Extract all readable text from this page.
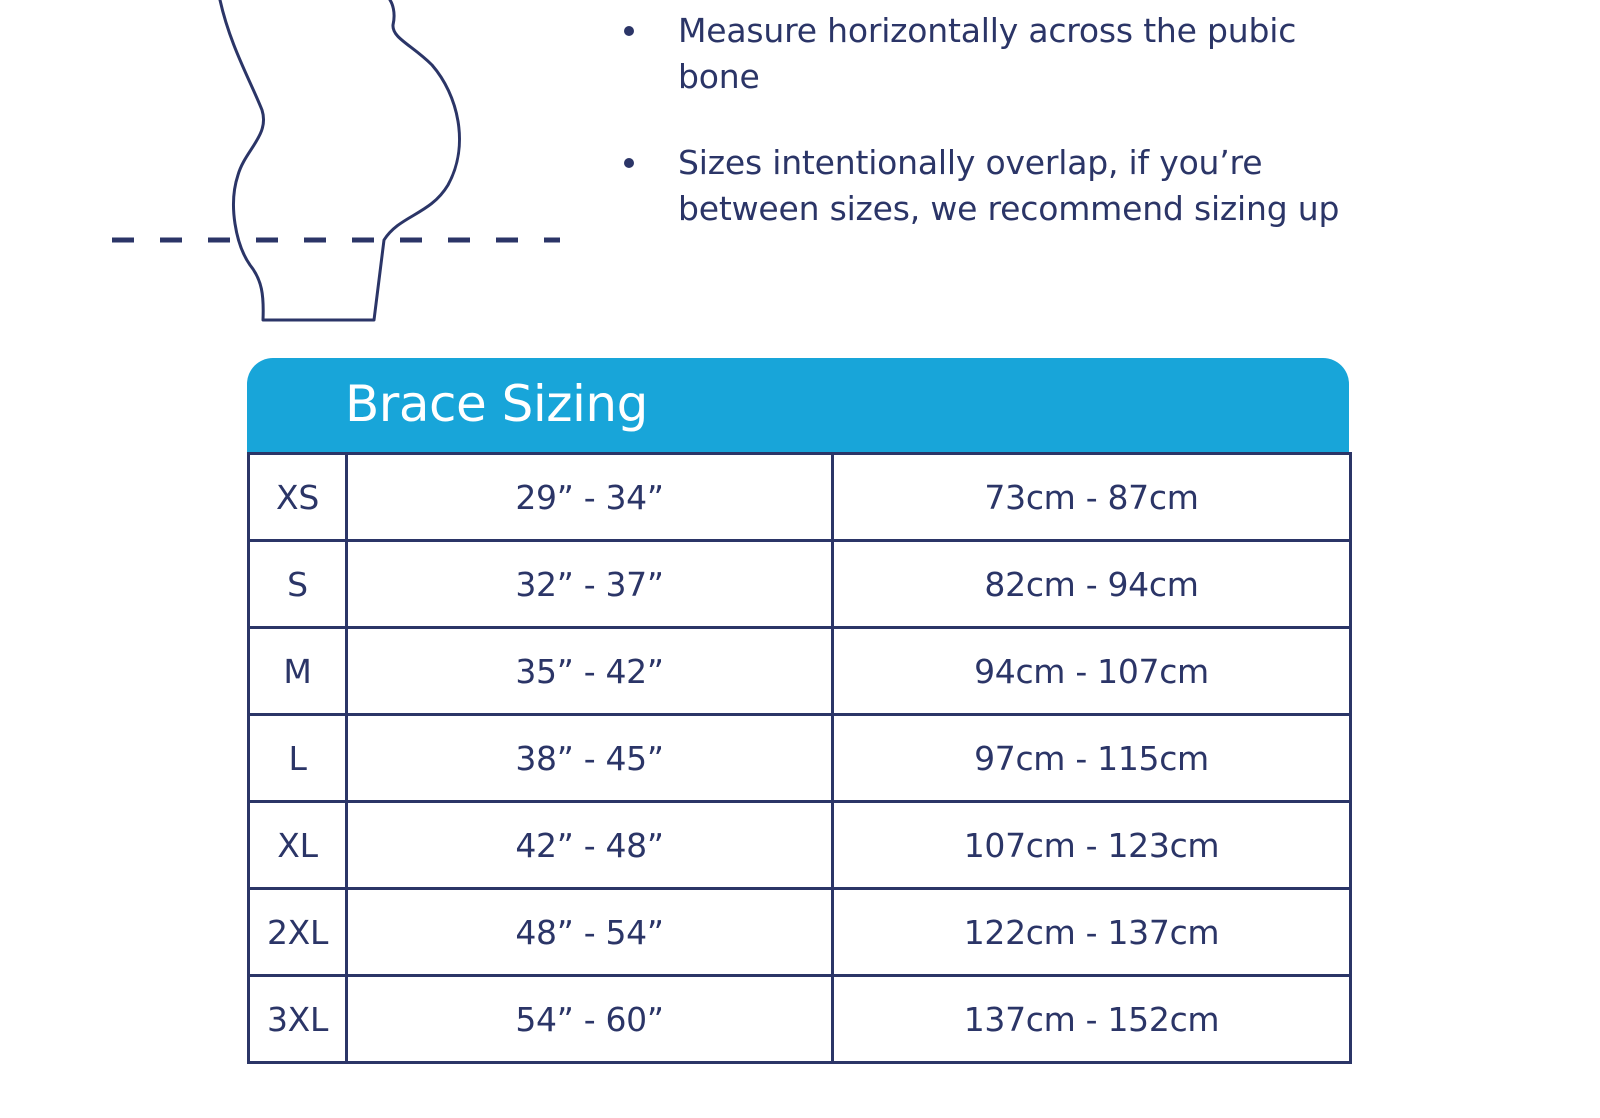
Measure horizontally across the pubic bone
Sizes intentionally overlap, if you’re between sizes, we recommend sizing up
Brace Sizing
XS	29” - 34”	73cm - 87cm
S	32” - 37”	82cm - 94cm
M	35” - 42”	94cm - 107cm
L	38” - 45”	97cm - 115cm
XL	42” - 48”	107cm - 123cm
2XL	48” - 54”	122cm - 137cm
3XL	54” - 60”	137cm - 152cm
